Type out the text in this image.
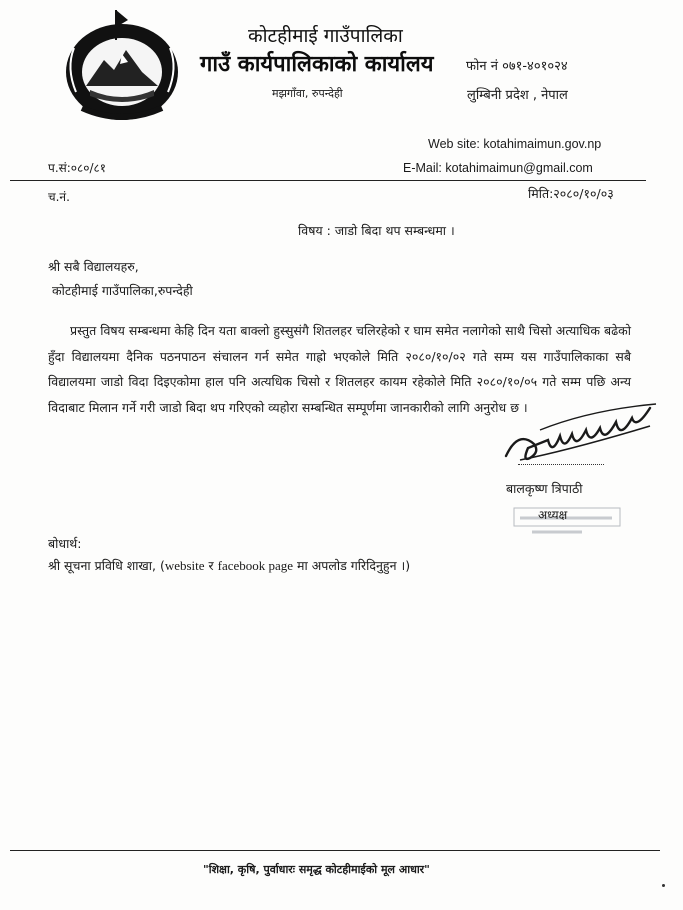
कोटहीमाई गाउँपालिका
गाउँ कार्यपालिकाको कार्यालय फोन नं ०७१-४०१०२४
मझगाँवा, रुपन्देही	लुम्बिनी प्रदेश , नेपाल
Web site: kotahimaimun.gov.np
E-Mail: kotahimaimun@gmail.com
प.सं:०८०/८१
च.नं.	मिति:२०८०/१०/०३
विषय : जाडो बिदा थप सम्बन्धमा ।
श्री सबै विद्यालयहरु,
कोटहीमाई गाउँपालिका,रुपन्देही

प्रस्तुत विषय सम्बन्धमा केहि दिन यता बाक्लो हुस्सुसंगै शितलहर चलिरहेको र घाम समेत नलागेको साथै चिसो अत्याधिक बढेको हुँदा विद्यालयमा दैनिक पठनपाठन संचालन गर्न समेत गाह्रो भएकोले मिति २०८०/१०/०२ गते सम्म यस गाउँपालिकाका सबै विद्यालयमा जाडो विदा दिइएकोमा हाल पनि अत्यधिक चिसो र शितलहर कायम रहेकोले मिति २०८०/१०/०५ गते सम्म पछि अन्य विदाबाट मिलान गर्ने गरी जाडो बिदा थप गरिएको व्यहोरा सम्बन्धित सम्पूर्णमा जानकारीको लागि अनुरोध छ ।

बालकृष्ण त्रिपाठी
अध्यक्ष
बोधार्थ:
श्री सूचना प्रविधि शाखा, (website र facebook page मा अपलोड गरिदिनुहुन ।)
"शिक्षा, कृषि, पुर्वाधारः समृद्ध कोटहीमाईको मूल आधार"
